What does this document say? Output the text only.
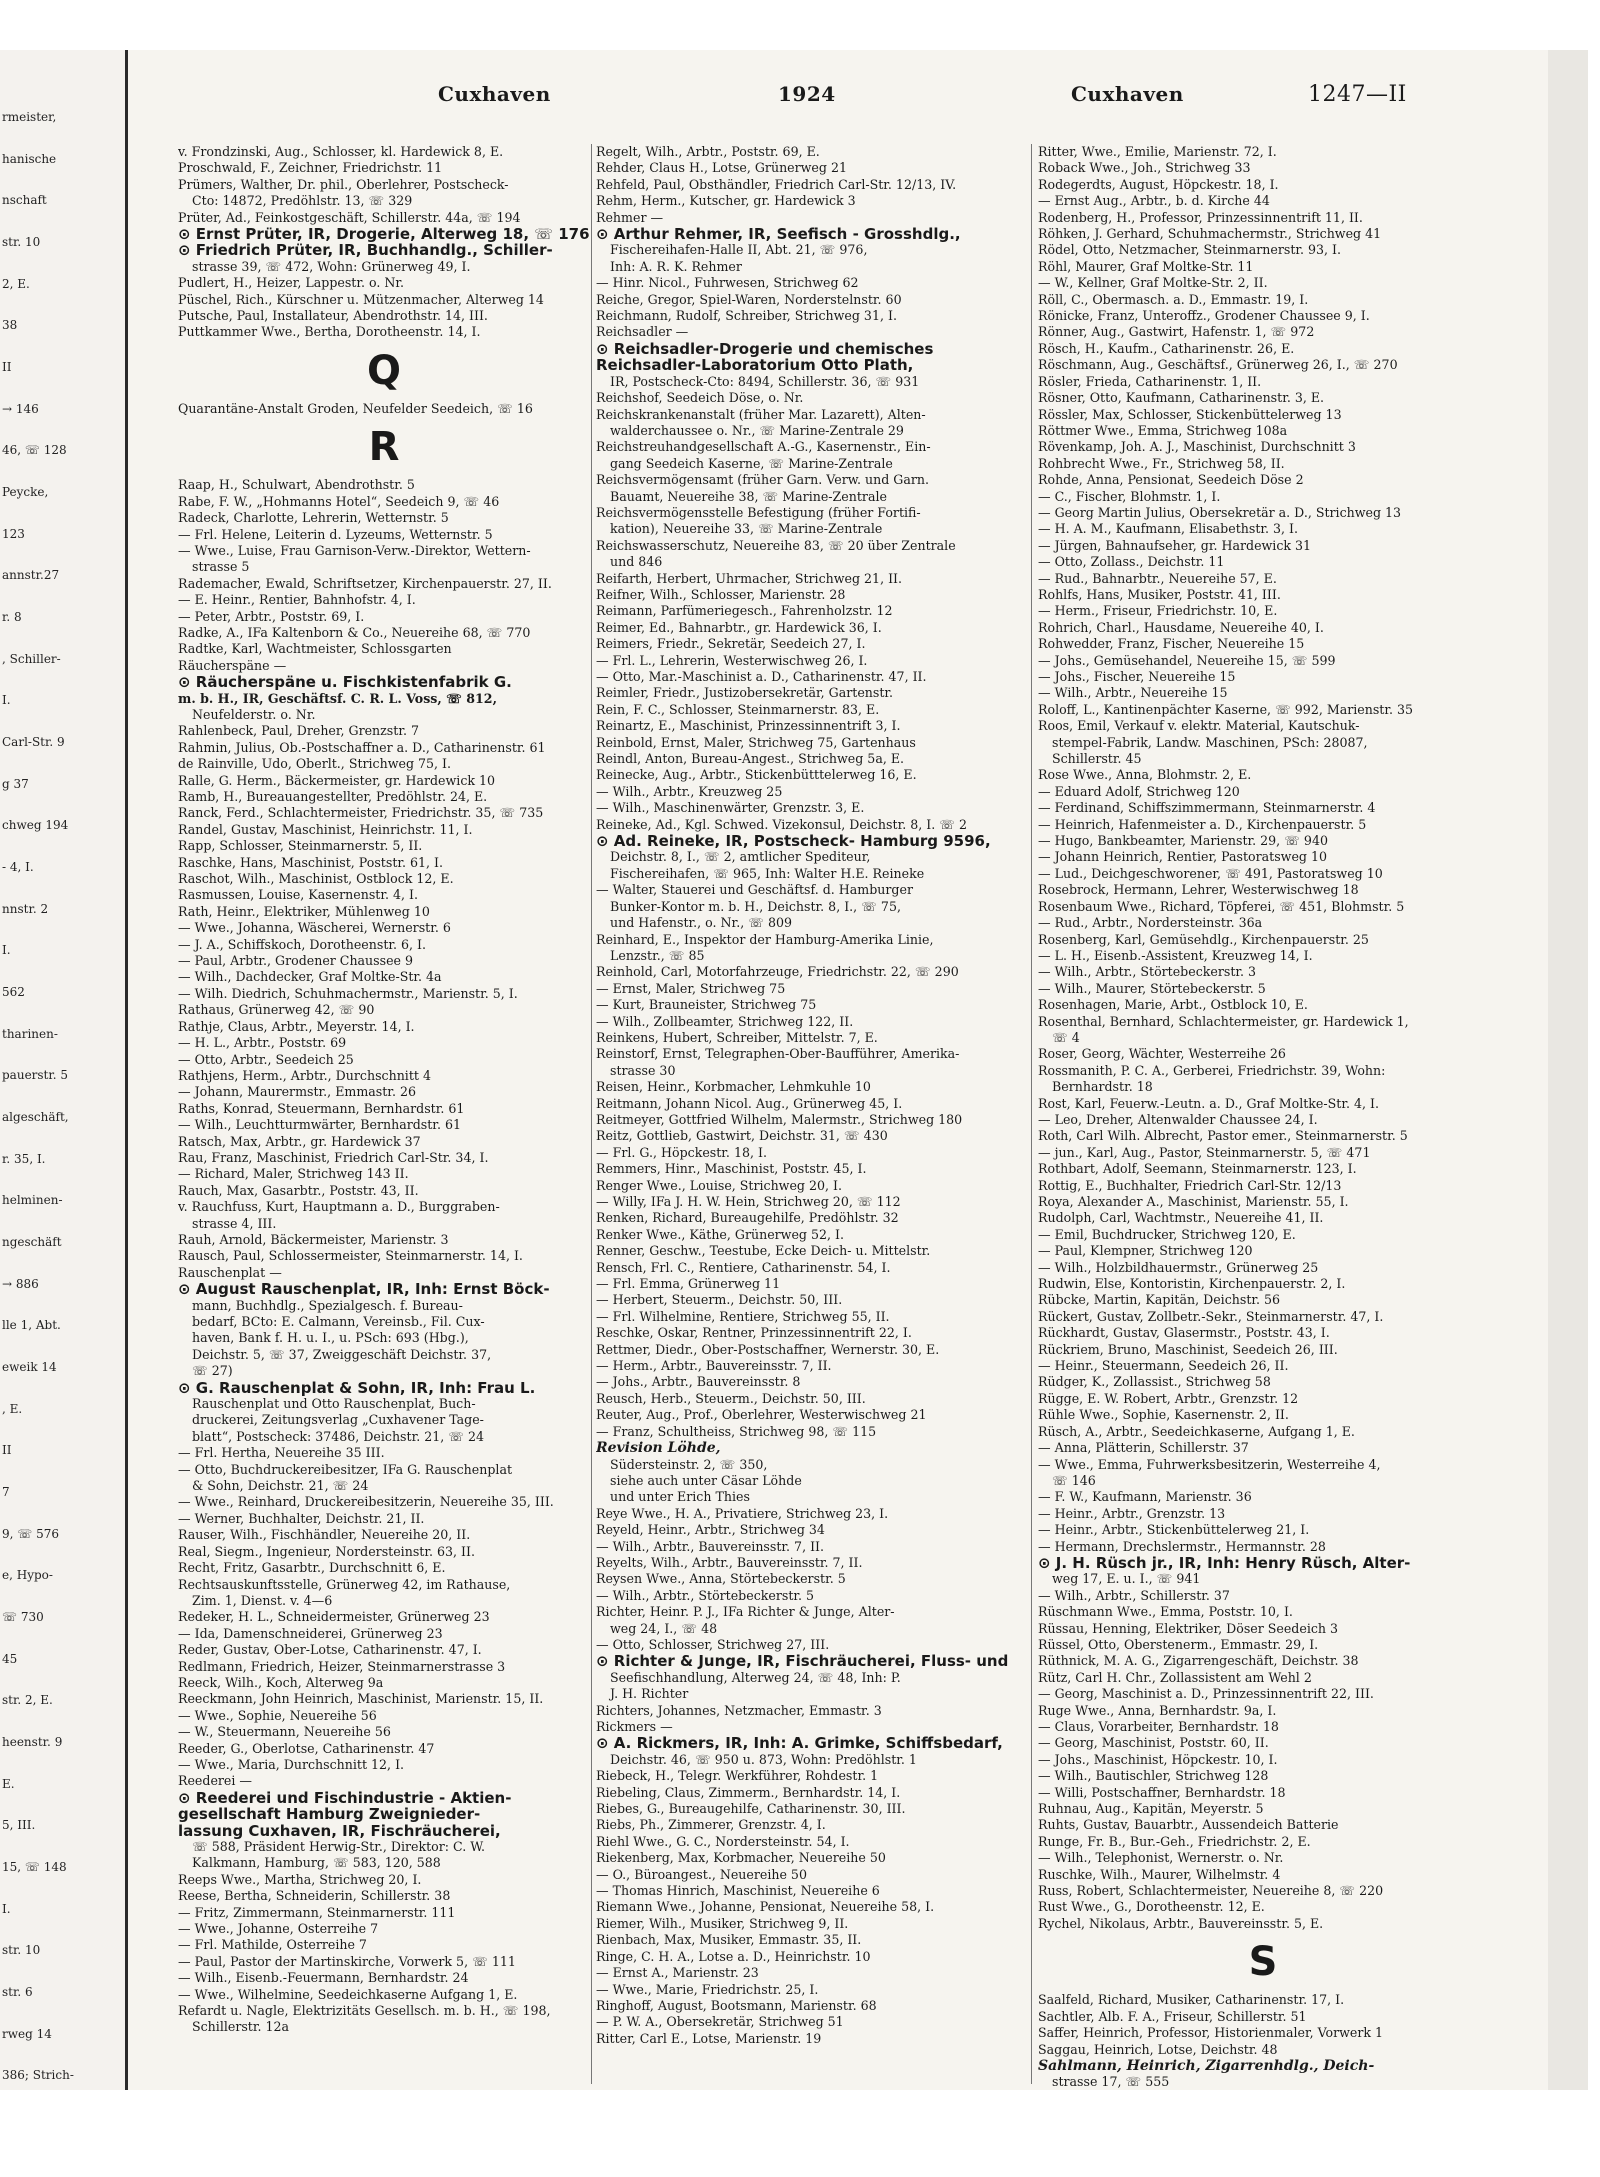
rmeister,
hanische
nschaft
str. 10
2, E.
38
II
→ 146
46, ☏ 128
Peycke,
123
annstr.27
r. 8
, Schiller-
I.
Carl-Str. 9
g 37
chweg 194
- 4, I.
nnstr. 2
I.
562
tharinen-
pauerstr. 5
algeschäft,
r. 35, I.
helminen-
ngeschäft
→ 886
lle 1, Abt.
eweik 14
, E.
II
7
9, ☏ 576
e, Hypo-
☏ 730
45
str. 2, E.
heenstr. 9
E.
5, III.
15, ☏ 148
I.
str. 10
str. 6
rweg 14
386; Strich-
Cuxhaven	1924	Cuxhaven	1247—II
v. Frondzinski, Aug., Schlosser, kl. Hardewick 8, E.
Proschwald, F., Zeichner, Friedrichstr. 11
Prümers, Walther, Dr. phil., Oberlehrer, Postscheck-
Cto: 14872, Predöhlstr. 13, ☏ 329
Prüter, Ad., Feinkostgeschäft, Schillerstr. 44a, ☏ 194
⊙ Ernst Prüter, IR, Drogerie, Alterweg 18, ☏ 176
⊙ Friedrich Prüter, IR, Buchhandlg., Schiller-
strasse 39, ☏ 472, Wohn: Grünerweg 49, I.
Pudlert, H., Heizer, Lappestr. o. Nr.
Püschel, Rich., Kürschner u. Mützenmacher, Alterweg 14
Putsche, Paul, Installateur, Abendrothstr. 14, III.
Puttkammer Wwe., Bertha, Dorotheenstr. 14, I.
Q
Quarantäne-Anstalt Groden, Neufelder Seedeich, ☏ 16
R
Raap, H., Schulwart, Abendrothstr. 5
Rabe, F. W., „Hohmanns Hotel“, Seedeich 9, ☏ 46
Radeck, Charlotte, Lehrerin, Wetternstr. 5
— Frl. Helene, Leiterin d. Lyzeums, Wetternstr. 5
— Wwe., Luise, Frau Garnison-Verw.-Direktor, Wettern-
strasse 5
Rademacher, Ewald, Schriftsetzer, Kirchenpauerstr. 27, II.
— E. Heinr., Rentier, Bahnhofstr. 4, I.
— Peter, Arbtr., Poststr. 69, I.
Radke, A., IFa Kaltenborn & Co., Neuereihe 68, ☏ 770
Radtke, Karl, Wachtmeister, Schlossgarten
Räucherspäne —
⊙ Räucherspäne u. Fischkistenfabrik G.
m. b. H., IR, Geschäftsf. C. R. L. Voss, ☏ 812,
Neufelderstr. o. Nr.
Rahlenbeck, Paul, Dreher, Grenzstr. 7
Rahmin, Julius, Ob.-Postschaffner a. D., Catharinenstr. 61
de Rainville, Udo, Oberlt., Strichweg 75, I.
Ralle, G. Herm., Bäckermeister, gr. Hardewick 10
Ramb, H., Bureauangestellter, Predöhlstr. 24, E.
Ranck, Ferd., Schlachtermeister, Friedrichstr. 35, ☏ 735
Randel, Gustav, Maschinist, Heinrichstr. 11, I.
Rapp, Schlosser, Steinmarnerstr. 5, II.
Raschke, Hans, Maschinist, Poststr. 61, I.
Raschot, Wilh., Maschinist, Ostblock 12, E.
Rasmussen, Louise, Kasernenstr. 4, I.
Rath, Heinr., Elektriker, Mühlenweg 10
— Wwe., Johanna, Wäscherei, Wernerstr. 6
— J. A., Schiffskoch, Dorotheenstr. 6, I.
— Paul, Arbtr., Grodener Chaussee 9
— Wilh., Dachdecker, Graf Moltke-Str. 4a
— Wilh. Diedrich, Schuhmachermstr., Marienstr. 5, I.
Rathaus, Grünerweg 42, ☏ 90
Rathje, Claus, Arbtr., Meyerstr. 14, I.
— H. L., Arbtr., Poststr. 69
— Otto, Arbtr., Seedeich 25
Rathjens, Herm., Arbtr., Durchschnitt 4
— Johann, Maurermstr., Emmastr. 26
Raths, Konrad, Steuermann, Bernhardstr. 61
— Wilh., Leuchtturmwärter, Bernhardstr. 61
Ratsch, Max, Arbtr., gr. Hardewick 37
Rau, Franz, Maschinist, Friedrich Carl-Str. 34, I.
— Richard, Maler, Strichweg 143 II.
Rauch, Max, Gasarbtr., Poststr. 43, II.
v. Rauchfuss, Kurt, Hauptmann a. D., Burggraben-
strasse 4, III.
Rauh, Arnold, Bäckermeister, Marienstr. 3
Rausch, Paul, Schlossermeister, Steinmarnerstr. 14, I.
Rauschenplat —
⊙ August Rauschenplat, IR, Inh: Ernst Böck-
mann, Buchhdlg., Spezialgesch. f. Bureau-
bedarf, BCto: E. Calmann, Vereinsb., Fil. Cux-
haven, Bank f. H. u. I., u. PSch: 693 (Hbg.),
Deichstr. 5, ☏ 37, Zweiggeschäft Deichstr. 37,
☏ 27)
⊙ G. Rauschenplat & Sohn, IR, Inh: Frau L.
Rauschenplat und Otto Rauschenplat, Buch-
druckerei, Zeitungsverlag „Cuxhavener Tage-
blatt“, Postscheck: 37486, Deichstr. 21, ☏ 24
— Frl. Hertha, Neuereihe 35 III.
— Otto, Buchdruckereibesitzer, IFa G. Rauschenplat
& Sohn, Deichstr. 21, ☏ 24
— Wwe., Reinhard, Druckereibesitzerin, Neuereihe 35, III.
— Werner, Buchhalter, Deichstr. 21, II.
Rauser, Wilh., Fischhändler, Neuereihe 20, II.
Real, Siegm., Ingenieur, Nordersteinstr. 63, II.
Recht, Fritz, Gasarbtr., Durchschnitt 6, E.
Rechtsauskunftsstelle, Grünerweg 42, im Rathause,
Zim. 1, Dienst. v. 4—6
Redeker, H. L., Schneidermeister, Grünerweg 23
— Ida, Damenschneiderei, Grünerweg 23
Reder, Gustav, Ober-Lotse, Catharinenstr. 47, I.
Redlmann, Friedrich, Heizer, Steinmarnerstrasse 3
Reeck, Wilh., Koch, Alterweg 9a
Reeckmann, John Heinrich, Maschinist, Marienstr. 15, II.
— Wwe., Sophie, Neuereihe 56
— W., Steuermann, Neuereihe 56
Reeder, G., Oberlotse, Catharinenstr. 47
— Wwe., Maria, Durchschnitt 12, I.
Reederei —
⊙ Reederei und Fischindustrie - Aktien-
gesellschaft Hamburg Zweignieder-
lassung Cuxhaven, IR, Fischräucherei,
☏ 588, Präsident Herwig-Str., Direktor: C. W.
Kalkmann, Hamburg, ☏ 583, 120, 588
Reeps Wwe., Martha, Strichweg 20, I.
Reese, Bertha, Schneiderin, Schillerstr. 38
— Fritz, Zimmermann, Steinmarnerstr. 111
— Wwe., Johanne, Osterreihe 7
— Frl. Mathilde, Osterreihe 7
— Paul, Pastor der Martinskirche, Vorwerk 5, ☏ 111
— Wilh., Eisenb.-Feuermann, Bernhardstr. 24
— Wwe., Wilhelmine, Seedeichkaserne Aufgang 1, E.
Refardt u. Nagle, Elektrizitäts Gesellsch. m. b. H., ☏ 198,
Schillerstr. 12a
Regelt, Wilh., Arbtr., Poststr. 69, E.
Rehder, Claus H., Lotse, Grünerweg 21
Rehfeld, Paul, Obsthändler, Friedrich Carl-Str. 12/13, IV.
Rehm, Herm., Kutscher, gr. Hardewick 3
Rehmer —
⊙ Arthur Rehmer, IR, Seefisch - Grosshdlg.,
Fischereihafen-Halle II, Abt. 21, ☏ 976,
Inh: A. R. K. Rehmer
— Hinr. Nicol., Fuhrwesen, Strichweg 62
Reiche, Gregor, Spiel-Waren, Norderstelnstr. 60
Reichmann, Rudolf, Schreiber, Strichweg 31, I.
Reichsadler —
⊙ Reichsadler-Drogerie und chemisches
Reichsadler-Laboratorium Otto Plath,
IR, Postscheck-Cto: 8494, Schillerstr. 36, ☏ 931
Reichshof, Seedeich Döse, o. Nr.
Reichskrankenanstalt (früher Mar. Lazarett), Alten-
walderchaussee o. Nr., ☏ Marine-Zentrale 29
Reichstreuhandgesellschaft A.-G., Kasernenstr., Ein-
gang Seedeich Kaserne, ☏ Marine-Zentrale
Reichsvermögensamt (früher Garn. Verw. und Garn.
Bauamt, Neuereihe 38, ☏ Marine-Zentrale
Reichsvermögensstelle Befestigung (früher Fortifi-
kation), Neuereihe 33, ☏ Marine-Zentrale
Reichswasserschutz, Neuereihe 83, ☏ 20 über Zentrale
und 846
Reifarth, Herbert, Uhrmacher, Strichweg 21, II.
Reifner, Wilh., Schlosser, Marienstr. 28
Reimann, Parfümeriegesch., Fahrenholzstr. 12
Reimer, Ed., Bahnarbtr., gr. Hardewick 36, I.
Reimers, Friedr., Sekretär, Seedeich 27, I.
— Frl. L., Lehrerin, Westerwischweg 26, I.
— Otto, Mar.-Maschinist a. D., Catharinenstr. 47, II.
Reimler, Friedr., Justizobersekretär, Gartenstr.
Rein, F. C., Schlosser, Steinmarnerstr. 83, E.
Reinartz, E., Maschinist, Prinzessinnentrift 3, I.
Reinbold, Ernst, Maler, Strichweg 75, Gartenhaus
Reindl, Anton, Bureau-Angest., Strichweg 5a, E.
Reinecke, Aug., Arbtr., Stickenbütttelerweg 16, E.
— Wilh., Arbtr., Kreuzweg 25
— Wilh., Maschinenwärter, Grenzstr. 3, E.
Reineke, Ad., Kgl. Schwed. Vizekonsul, Deichstr. 8, I. ☏ 2
⊙ Ad. Reineke, IR, Postscheck- Hamburg 9596,
Deichstr. 8, I., ☏ 2, amtlicher Spediteur,
Fischereihafen, ☏ 965, Inh: Walter H.E. Reineke
— Walter, Stauerei und Geschäftsf. d. Hamburger
Bunker-Kontor m. b. H., Deichstr. 8, I., ☏ 75,
und Hafenstr., o. Nr., ☏ 809
Reinhard, E., Inspektor der Hamburg-Amerika Linie,
Lenzstr., ☏ 85
Reinhold, Carl, Motorfahrzeuge, Friedrichstr. 22, ☏ 290
— Ernst, Maler, Strichweg 75
— Kurt, Brauneister, Strichweg 75
— Wilh., Zollbeamter, Strichweg 122, II.
Reinkens, Hubert, Schreiber, Mittelstr. 7, E.
Reinstorf, Ernst, Telegraphen-Ober-Baufführer, Amerika-
strasse 30
Reisen, Heinr., Korbmacher, Lehmkuhle 10
Reitmann, Johann Nicol. Aug., Grünerweg 45, I.
Reitmeyer, Gottfried Wilhelm, Malermstr., Strichweg 180
Reitz, Gottlieb, Gastwirt, Deichstr. 31, ☏ 430
— Frl. G., Höpckestr. 18, I.
Remmers, Hinr., Maschinist, Poststr. 45, I.
Renger Wwe., Louise, Strichweg 20, I.
— Willy, IFa J. H. W. Hein, Strichweg 20, ☏ 112
Renken, Richard, Bureaugehilfe, Predöhlstr. 32
Renker Wwe., Käthe, Grünerweg 52, I.
Renner, Geschw., Teestube, Ecke Deich- u. Mittelstr.
Rensch, Frl. C., Rentiere, Catharinenstr. 54, I.
— Frl. Emma, Grünerweg 11
— Herbert, Steuerm., Deichstr. 50, III.
— Frl. Wilhelmine, Rentiere, Strichweg 55, II.
Reschke, Oskar, Rentner, Prinzessinnentrift 22, I.
Rettmer, Diedr., Ober-Postschaffner, Wernerstr. 30, E.
— Herm., Arbtr., Bauvereinsstr. 7, II.
— Johs., Arbtr., Bauvereinsstr. 8
Reusch, Herb., Steuerm., Deichstr. 50, III.
Reuter, Aug., Prof., Oberlehrer, Westerwischweg 21
— Franz, Schultheiss, Strichweg 98, ☏ 115
Revision Löhde,
Südersteinstr. 2, ☏ 350,
siehe auch unter Cäsar Löhde
und unter Erich Thies
Reye Wwe., H. A., Privatiere, Strichweg 23, I.
Reyeld, Heinr., Arbtr., Strichweg 34
— Wilh., Arbtr., Bauvereinsstr. 7, II.
Reyelts, Wilh., Arbtr., Bauvereinsstr. 7, II.
Reysen Wwe., Anna, Störtebeckerstr. 5
— Wilh., Arbtr., Störtebeckerstr. 5
Richter, Heinr. P. J., IFa Richter & Junge, Alter-
weg 24, I., ☏ 48
— Otto, Schlosser, Strichweg 27, III.
⊙ Richter & Junge, IR, Fischräucherei, Fluss- und
Seefischhandlung, Alterweg 24, ☏ 48, Inh: P.
J. H. Richter
Richters, Johannes, Netzmacher, Emmastr. 3
Rickmers —
⊙ A. Rickmers, IR, Inh: A. Grimke, Schiffsbedarf,
Deichstr. 46, ☏ 950 u. 873, Wohn: Predöhlstr. 1
Riebeck, H., Telegr. Werkführer, Rohdestr. 1
Riebeling, Claus, Zimmerm., Bernhardstr. 14, I.
Riebes, G., Bureaugehilfe, Catharinenstr. 30, III.
Riebs, Ph., Zimmerer, Grenzstr. 4, I.
Riehl Wwe., G. C., Nordersteinstr. 54, I.
Riekenberg, Max, Korbmacher, Neuereihe 50
— O., Büroangest., Neuereihe 50
— Thomas Hinrich, Maschinist, Neuereihe 6
Riemann Wwe., Johanne, Pensionat, Neuereihe 58, I.
Riemer, Wilh., Musiker, Strichweg 9, II.
Rienbach, Max, Musiker, Emmastr. 35, II.
Ringe, C. H. A., Lotse a. D., Heinrichstr. 10
— Ernst A., Marienstr. 23
— Wwe., Marie, Friedrichstr. 25, I.
Ringhoff, August, Bootsmann, Marienstr. 68
— P. W. A., Obersekretär, Strichweg 51
Ritter, Carl E., Lotse, Marienstr. 19
Ritter, Wwe., Emilie, Marienstr. 72, I.
Roback Wwe., Joh., Strichweg 33
Rodegerdts, August, Höpckestr. 18, I.
— Ernst Aug., Arbtr., b. d. Kirche 44
Rodenberg, H., Professor, Prinzessinnentrift 11, II.
Röhken, J. Gerhard, Schuhmachermstr., Strichweg 41
Rödel, Otto, Netzmacher, Steinmarnerstr. 93, I.
Röhl, Maurer, Graf Moltke-Str. 11
— W., Kellner, Graf Moltke-Str. 2, II.
Röll, C., Obermasch. a. D., Emmastr. 19, I.
Rönicke, Franz, Unteroffz., Grodener Chaussee 9, I.
Rönner, Aug., Gastwirt, Hafenstr. 1, ☏ 972
Rösch, H., Kaufm., Catharinenstr. 26, E.
Röschmann, Aug., Geschäftsf., Grünerweg 26, I., ☏ 270
Rösler, Frieda, Catharinenstr. 1, II.
Rösner, Otto, Kaufmann, Catharinenstr. 3, E.
Rössler, Max, Schlosser, Stickenbüttelerweg 13
Röttmer Wwe., Emma, Strichweg 108a
Rövenkamp, Joh. A. J., Maschinist, Durchschnitt 3
Rohbrecht Wwe., Fr., Strichweg 58, II.
Rohde, Anna, Pensionat, Seedeich Döse 2
— C., Fischer, Blohmstr. 1, I.
— Georg Martin Julius, Obersekretär a. D., Strichweg 13
— H. A. M., Kaufmann, Elisabethstr. 3, I.
— Jürgen, Bahnaufseher, gr. Hardewick 31
— Otto, Zollass., Deichstr. 11
— Rud., Bahnarbtr., Neuereihe 57, E.
Rohlfs, Hans, Musiker, Poststr. 41, III.
— Herm., Friseur, Friedrichstr. 10, E.
Rohrich, Charl., Hausdame, Neuereihe 40, I.
Rohwedder, Franz, Fischer, Neuereihe 15
— Johs., Gemüsehandel, Neuereihe 15, ☏ 599
— Johs., Fischer, Neuereihe 15
— Wilh., Arbtr., Neuereihe 15
Roloff, L., Kantinenpächter Kaserne, ☏ 992, Marienstr. 35
Roos, Emil, Verkauf v. elektr. Material, Kautschuk-
stempel-Fabrik, Landw. Maschinen, PSch: 28087,
Schillerstr. 45
Rose Wwe., Anna, Blohmstr. 2, E.
— Eduard Adolf, Strichweg 120
— Ferdinand, Schiffszimmermann, Steinmarnerstr. 4
— Heinrich, Hafenmeister a. D., Kirchenpauerstr. 5
— Hugo, Bankbeamter, Marienstr. 29, ☏ 940
— Johann Heinrich, Rentier, Pastoratsweg 10
— Lud., Deichgeschworener, ☏ 491, Pastoratsweg 10
Rosebrock, Hermann, Lehrer, Westerwischweg 18
Rosenbaum Wwe., Richard, Töpferei, ☏ 451, Blohmstr. 5
— Rud., Arbtr., Nordersteinstr. 36a
Rosenberg, Karl, Gemüsehdlg., Kirchenpauerstr. 25
— L. H., Eisenb.-Assistent, Kreuzweg 14, I.
— Wilh., Arbtr., Störtebeckerstr. 3
— Wilh., Maurer, Störtebeckerstr. 5
Rosenhagen, Marie, Arbt., Ostblock 10, E.
Rosenthal, Bernhard, Schlachtermeister, gr. Hardewick 1,
☏ 4
Roser, Georg, Wächter, Westerreihe 26
Rossmanith, P. C. A., Gerberei, Friedrichstr. 39, Wohn:
Bernhardstr. 18
Rost, Karl, Feuerw.-Leutn. a. D., Graf Moltke-Str. 4, I.
— Leo, Dreher, Altenwalder Chaussee 24, I.
Roth, Carl Wilh. Albrecht, Pastor emer., Steinmarnerstr. 5
— jun., Karl, Aug., Pastor, Steinmarnerstr. 5, ☏ 471
Rothbart, Adolf, Seemann, Steinmarnerstr. 123, I.
Rottig, E., Buchhalter, Friedrich Carl-Str. 12/13
Roya, Alexander A., Maschinist, Marienstr. 55, I.
Rudolph, Carl, Wachtmstr., Neuereihe 41, II.
— Emil, Buchdrucker, Strichweg 120, E.
— Paul, Klempner, Strichweg 120
— Wilh., Holzbildhauermstr., Grünerweg 25
Rudwin, Else, Kontoristin, Kirchenpauerstr. 2, I.
Rübcke, Martin, Kapitän, Deichstr. 56
Rückert, Gustav, Zollbetr.-Sekr., Steinmarnerstr. 47, I.
Rückhardt, Gustav, Glasermstr., Poststr. 43, I.
Rückriem, Bruno, Maschinist, Seedeich 26, III.
— Heinr., Steuermann, Seedeich 26, II.
Rüdger, K., Zollassist., Strichweg 58
Rügge, E. W. Robert, Arbtr., Grenzstr. 12
Rühle Wwe., Sophie, Kasernenstr. 2, II.
Rüsch, A., Arbtr., Seedeichkaserne, Aufgang 1, E.
— Anna, Plätterin, Schillerstr. 37
— Wwe., Emma, Fuhrwerksbesitzerin, Westerreihe 4,
☏ 146
— F. W., Kaufmann, Marienstr. 36
— Heinr., Arbtr., Grenzstr. 13
— Heinr., Arbtr., Stickenbüttelerweg 21, I.
— Hermann, Drechslermstr., Hermannstr. 28
⊙ J. H. Rüsch jr., IR, Inh: Henry Rüsch, Alter-
weg 17, E. u. I., ☏ 941
— Wilh., Arbtr., Schillerstr. 37
Rüschmann Wwe., Emma, Poststr. 10, I.
Rüssau, Henning, Elektriker, Döser Seedeich 3
Rüssel, Otto, Oberstenerm., Emmastr. 29, I.
Rüthnick, M. A. G., Zigarrengeschäft, Deichstr. 38
Rütz, Carl H. Chr., Zollassistent am Wehl 2
— Georg, Maschinist a. D., Prinzessinnentrift 22, III.
Ruge Wwe., Anna, Bernhardstr. 9a, I.
— Claus, Vorarbeiter, Bernhardstr. 18
— Georg, Maschinist, Poststr. 60, II.
— Johs., Maschinist, Höpckestr. 10, I.
— Wilh., Bautischler, Strichweg 128
— Willi, Postschaffner, Bernhardstr. 18
Ruhnau, Aug., Kapitän, Meyerstr. 5
Ruhts, Gustav, Bauarbtr., Aussendeich Batterie
Runge, Fr. B., Bur.-Geh., Friedrichstr. 2, E.
— Wilh., Telephonist, Wernerstr. o. Nr.
Ruschke, Wilh., Maurer, Wilhelmstr. 4
Russ, Robert, Schlachtermeister, Neuereihe 8, ☏ 220
Rust Wwe., G., Dorotheenstr. 12, E.
Rychel, Nikolaus, Arbtr., Bauvereinsstr. 5, E.
S
Saalfeld, Richard, Musiker, Catharinenstr. 17, I.
Sachtler, Alb. F. A., Friseur, Schillerstr. 51
Saffer, Heinrich, Professor, Historienmaler, Vorwerk 1
Saggau, Heinrich, Lotse, Deichstr. 48
Sahlmann, Heinrich, Zigarrenhdlg., Deich-
strasse 17, ☏ 555
